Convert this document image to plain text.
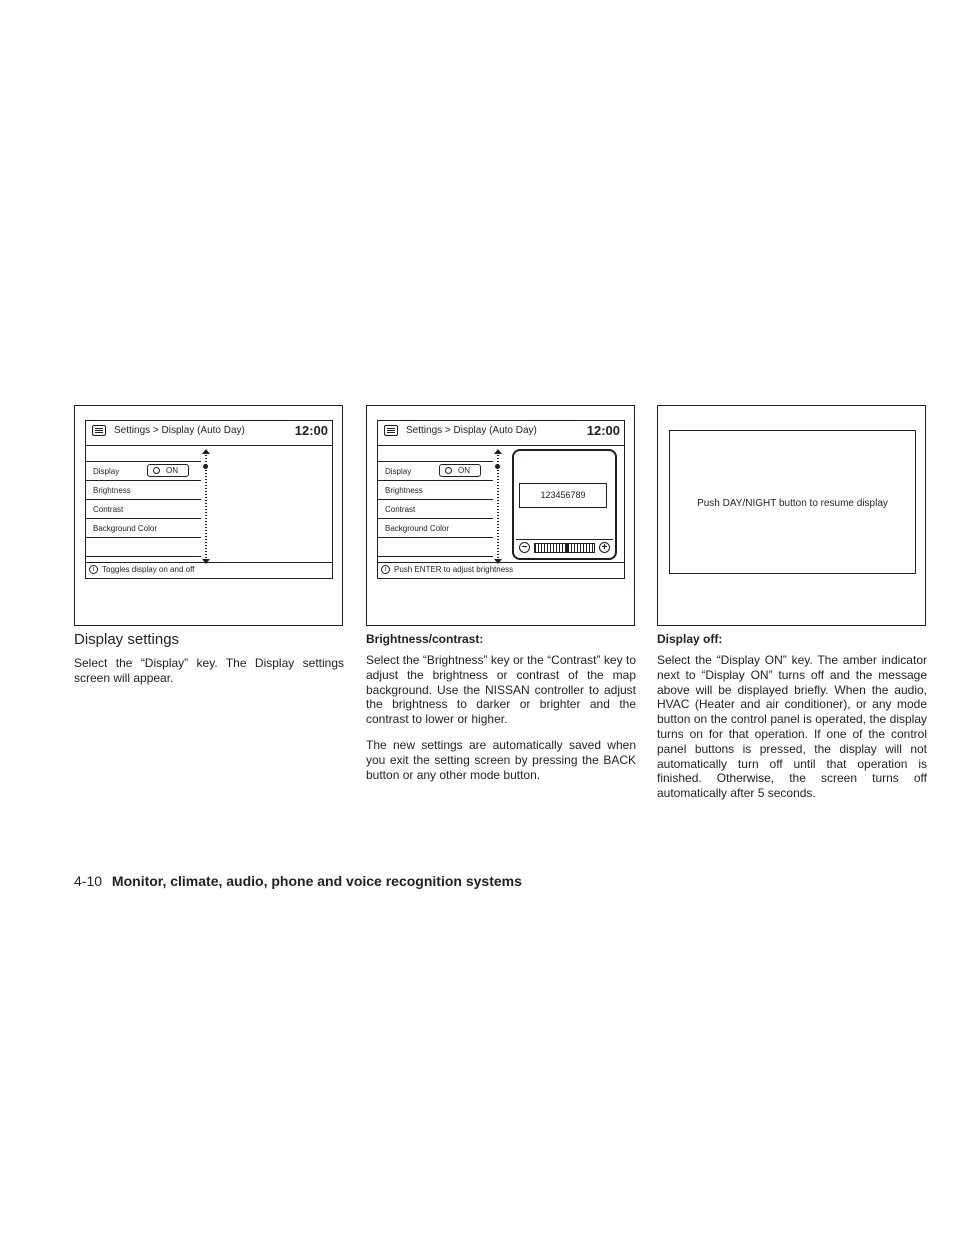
Settings > Display (Auto Day)	12:00
Display	ON
Brightness
Contrast
Background Color
i Toggles display on and off
Settings > Display (Auto Day)	12:00
Display	ON
Brightness
Contrast
Background Color
123456789
−	+
i Push ENTER to adjust brightness
Push DAY/NIGHT button to resume display
Display settings

Select the “Display” key. The Display settings screen will appear.

Brightness/contrast:

Select the “Brightness” key or the “Contrast” key to adjust the brightness or contrast of the map background. Use the NISSAN controller to adjust the brightness to darker or brighter and the contrast to lower or higher.

The new settings are automatically saved when you exit the setting screen by pressing the BACK button or any other mode button.

Display off:

Select the “Display ON” key. The amber indicator next to “Display ON” turns off and the message above will be displayed briefly. When the audio, HVAC (Heater and air conditioner), or any mode button on the control panel is operated, the display turns on for that operation. If one of the control panel buttons is pressed, the display will not automatically turn off until that operation is finished. Otherwise, the screen turns off automatically after 5 seconds.

4-10 Monitor, climate, audio, phone and voice recognition systems
